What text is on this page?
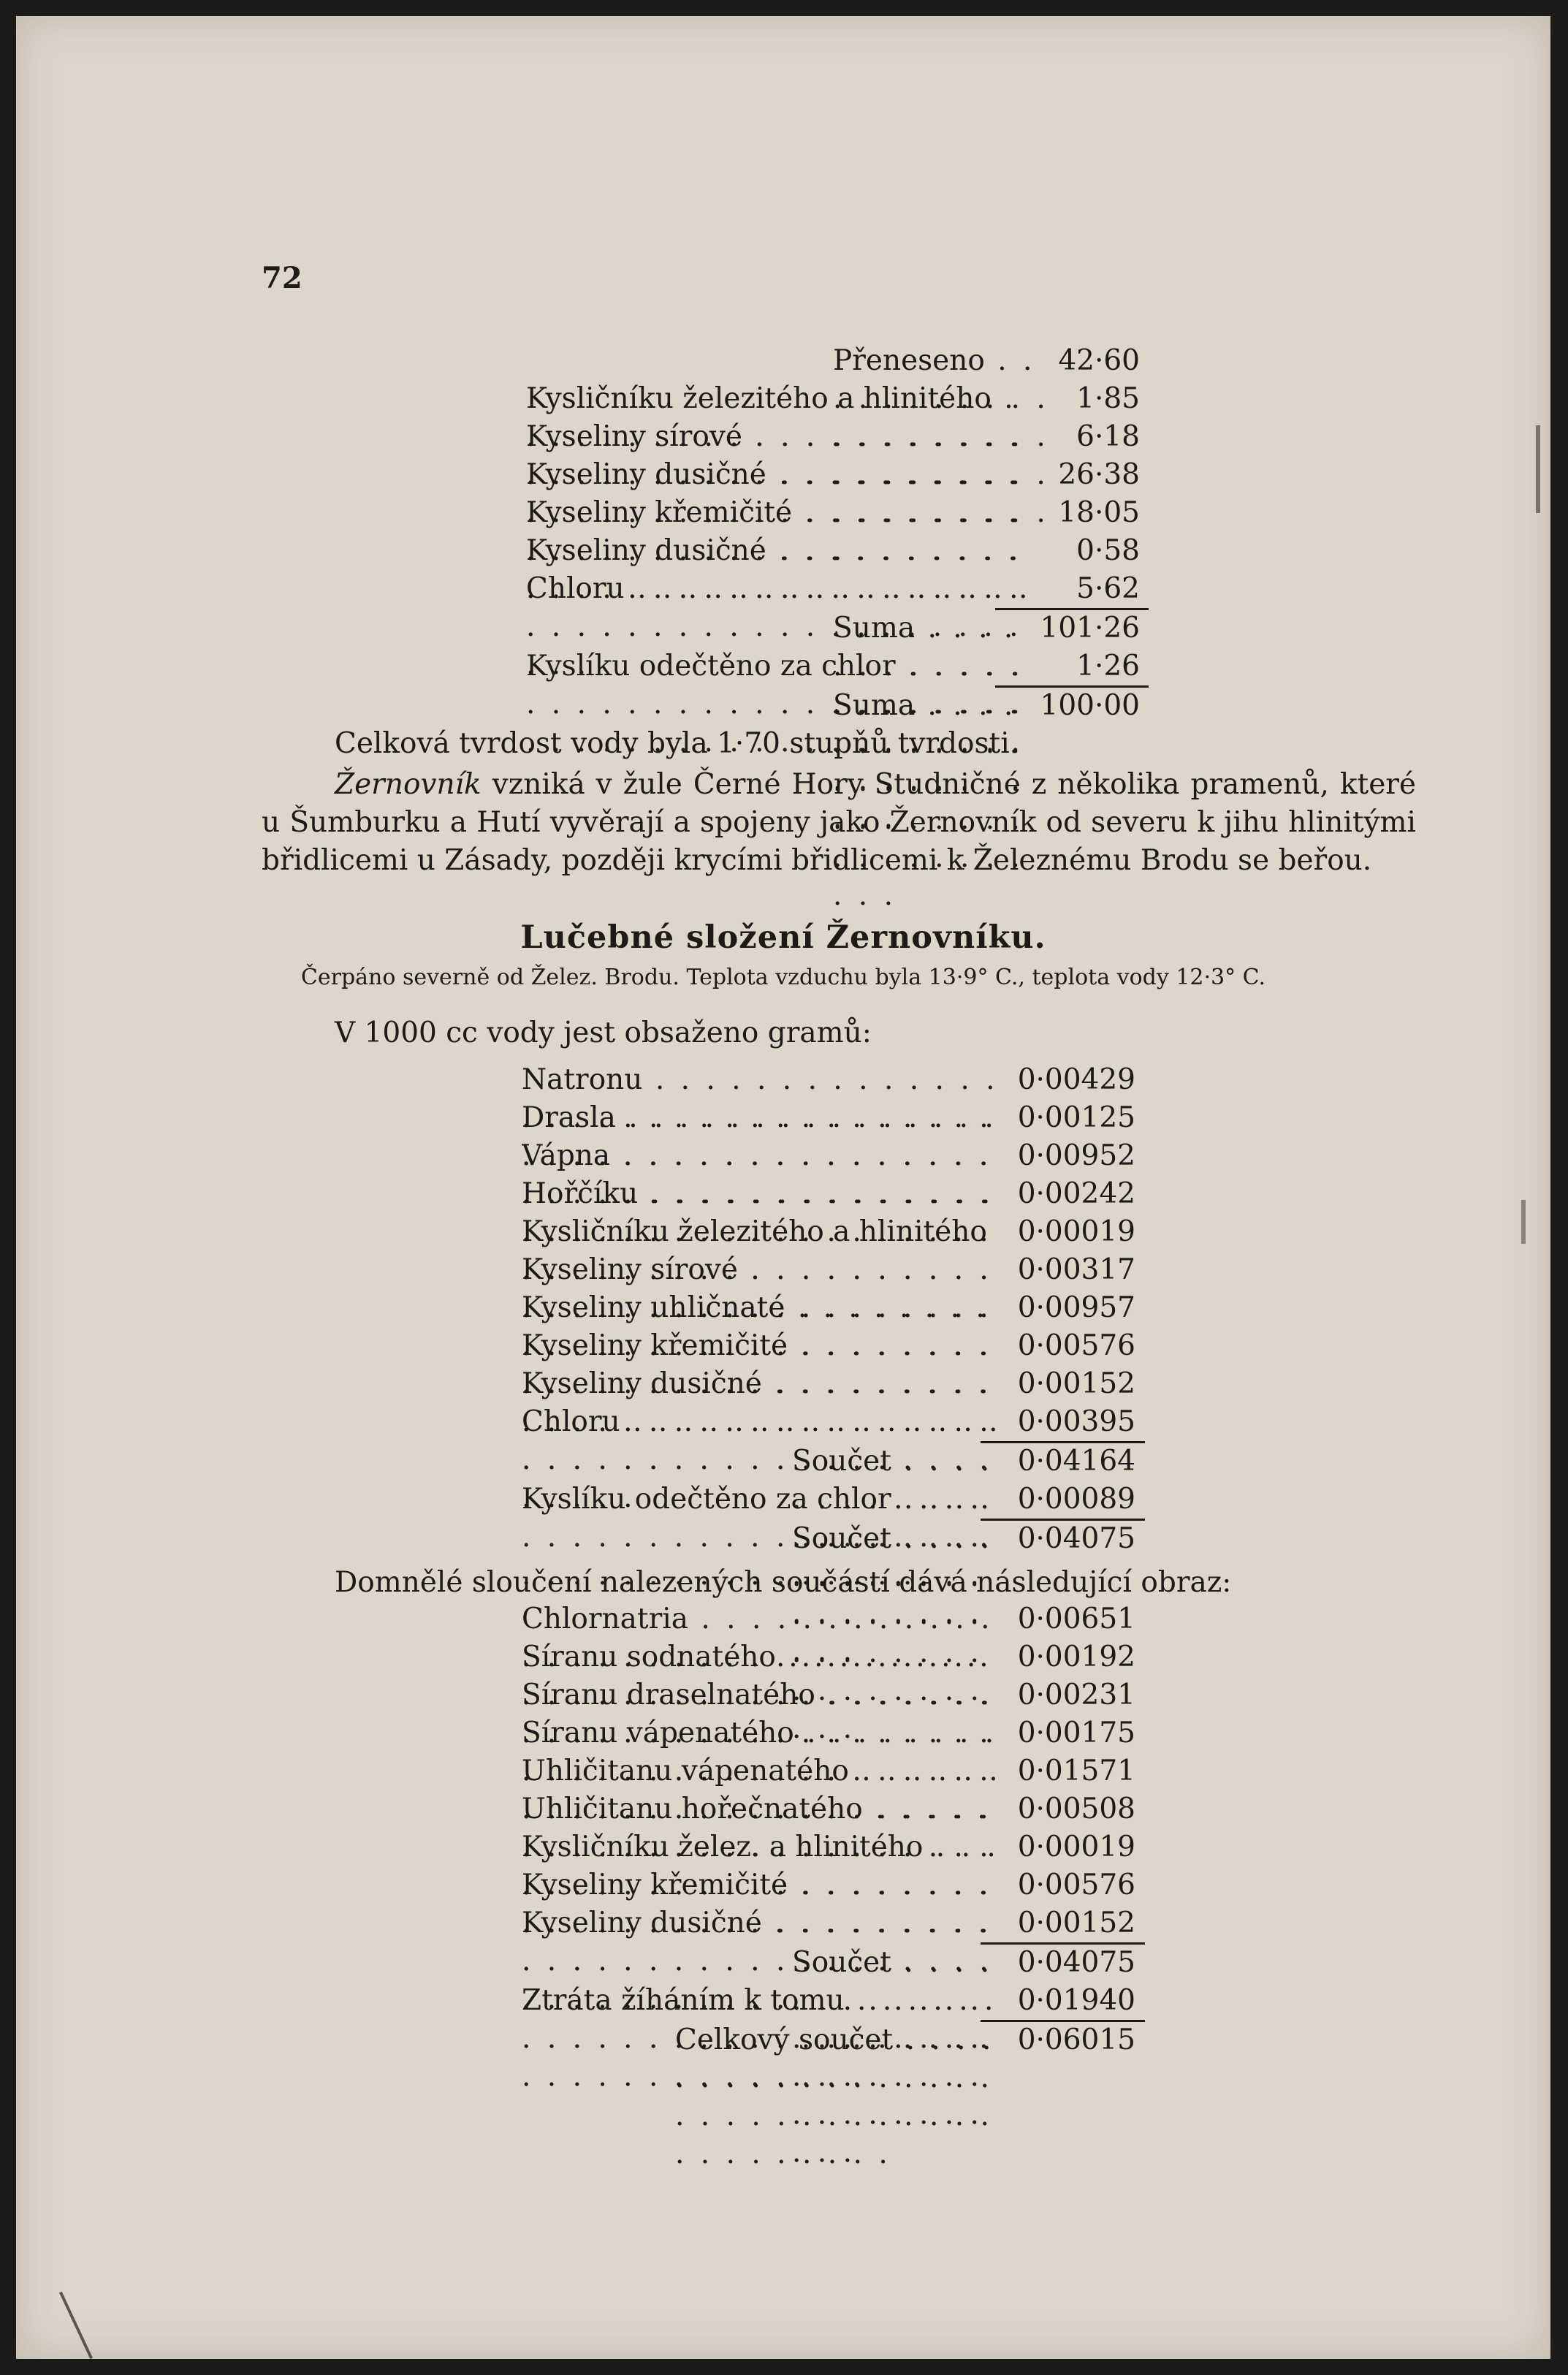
72
Přeneseno . . .	42·60
Kysličníku železitého a hlinitého . . .	1·85
Kyseliny sírové . . .	6·18
Kyseliny dusičné . . .	26·38
Kyseliny křemičité . . .	18·05
Kyseliny dusičné . . .	0·58
Chloru . . .	5·62
Suma . . .	101·26
Kyslíku odečtěno za chlor . . .	1·26
Suma . . .	100·00
Celková tvrdost vody byla 1·70 stupňů tvrdosti.
Žernovník vzniká v žule Černé Hory Studničné z několika pramenů, které u Šumburku a Hutí vyvěrají a spojeny jako Žernovník od severu k jihu hlinitými břidlicemi u Zásady, později krycími břidlicemi k Železnému Brodu se beřou.
Lučebné složení Žernovníku.
Čerpáno severně od Želez. Brodu. Teplota vzduchu byla 13·9° C., teplota vody 12·3° C.
V 1000 cc vody jest obsaženo gramů:
Natronu . . .	0·00429
Drasla . . .	0·00125
Vápna . . .	0·00952
Hořčíku . . .	0·00242
Kysličníku železitého a hlinitého . . .	0·00019
Kyseliny sírové . . .	0·00317
Kyseliny uhličnaté . . .	0·00957
Kyseliny křemičité . . .	0·00576
Kyseliny dusičné . . .	0·00152
Chloru . . .	0·00395
Součet . . .	0·04164
Kyslíku odečtěno za chlor . . .	0·00089
Součet . . .	0·04075
Domnělé sloučení nalezených součástí dává následující obraz:
Chlornatria . . .	0·00651
Síranu sodnatého . . .	0·00192
Síranu draselnatého . . .	0·00231
Síranu vápenatého . . .	0·00175
Uhličitanu vápenatého . . .	0·01571
Uhličitanu hořečnatého . . .	0·00508
Kysličníku želez. a hlinitého . . .	0·00019
Kyseliny křemičité . . .	0·00576
Kyseliny dusičné . . .	0·00152
Součet . . .	0·04075
Ztráta žíháním k tomu . . .	0·01940
Celkový součet . . .	0·06015
